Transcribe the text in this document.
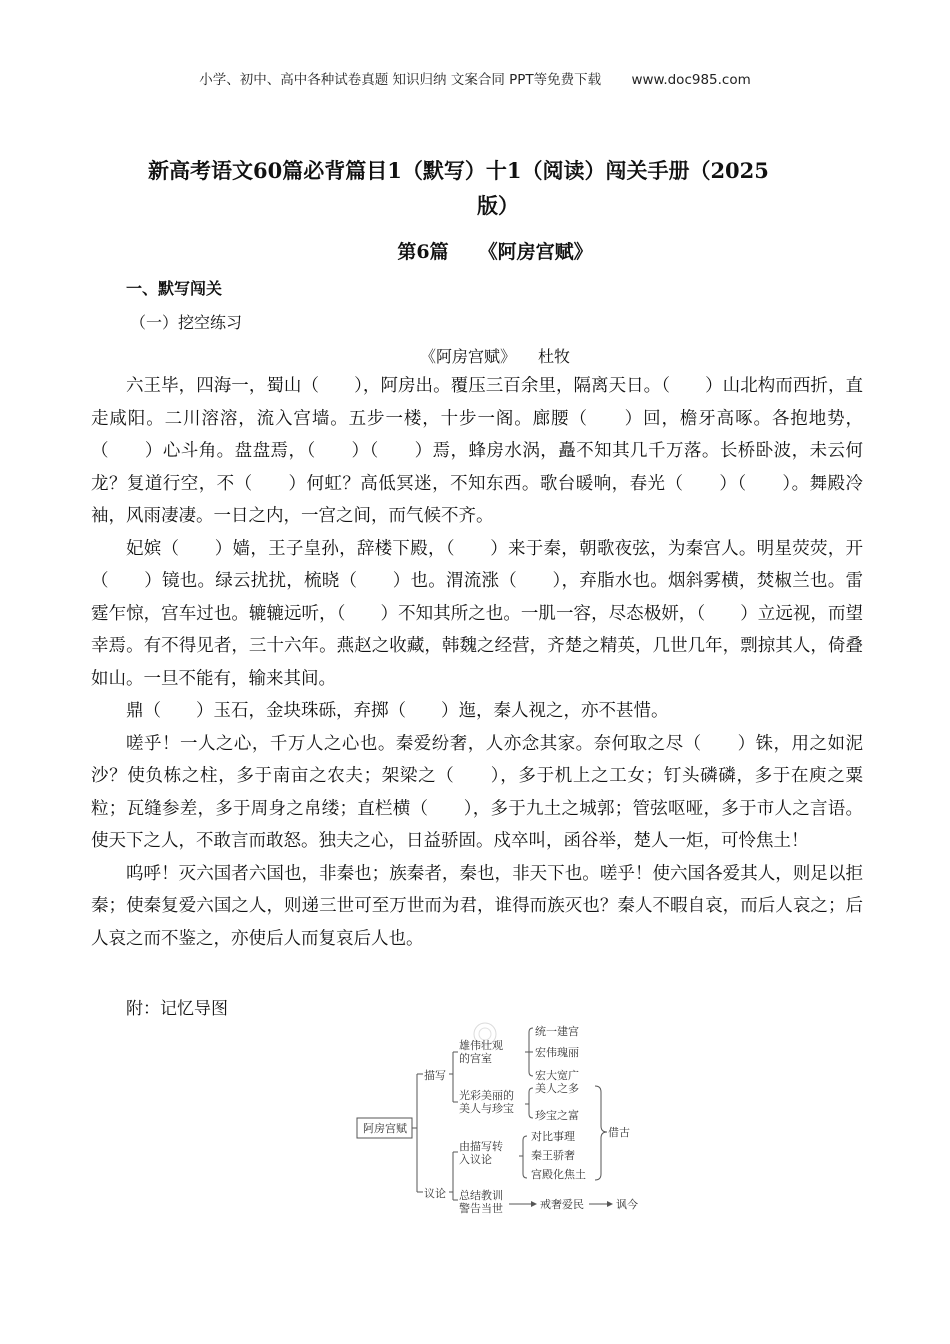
小学、初中、高中各种试卷真题 知识归纳 文案合同 PPT等免费下载 www.doc985.com
新高考语文60篇必背篇目1（默写）十1（阅读）闯关手册（2025
版）
第6篇 《阿房宫赋》
一、默写闯关
（一）挖空练习
《阿房宫赋》 杜牧

六王毕，四海一，蜀山（　　），阿房出。覆压三百余里，隔离天日。（　　）山北构而西折，直走咸阳。二川溶溶，流入宫墙。五步一楼，十步一阁。廊腰（　　）回，檐牙高啄。各抱地势，（　　）心斗角。盘盘焉，（　　）（　　）焉，蜂房水涡，矗不知其几千万落。长桥卧波，未云何龙？复道行空，不（　　）何虹？高低冥迷，不知东西。歌台暖响，春光（　　）（　　）。舞殿冷袖，风雨凄凄。一日之内，一宫之间，而气候不齐。

妃嫔（　　）嫱，王子皇孙，辞楼下殿，（　　）来于秦，朝歌夜弦，为秦宫人。明星荧荧，开（　　）镜也。绿云扰扰，梳晓（　　）也。渭流涨（　　），弃脂水也。烟斜雾横，焚椒兰也。雷霆乍惊，宫车过也。辘辘远听，（　　）不知其所之也。一肌一容，尽态极妍，（　　）立远视，而望幸焉。有不得见者，三十六年。燕赵之收藏，韩魏之经营，齐楚之精英，几世几年，剽掠其人，倚叠如山。一旦不能有，输来其间。

鼎（　　）玉石，金块珠砾，弃掷（　　）迤，秦人视之，亦不甚惜。

嗟乎！一人之心，千万人之心也。秦爱纷奢，人亦念其家。奈何取之尽（　　）铢，用之如泥沙？使负栋之柱，多于南亩之农夫；架梁之（　　），多于机上之工女；钉头磷磷，多于在庾之粟粒；瓦缝参差，多于周身之帛缕；直栏横（　　），多于九土之城郭；管弦呕哑，多于市人之言语。使天下之人，不敢言而敢怒。独夫之心，日益骄固。戍卒叫，函谷举，楚人一炬，可怜焦土！

呜呼！灭六国者六国也，非秦也；族秦者，秦也，非天下也。嗟乎！使六国各爱其人，则足以拒秦；使秦复爱六国之人，则递三世可至万世而为君，谁得而族灭也？秦人不暇自哀，而后人哀之；后人哀之而不鉴之，亦使后人而复哀后人也。

附：记忆导图
阿房宫赋
描写
雄伟壮观
的宫室
光彩美丽的
美人与珍宝
统一建宫
宏伟瑰丽
宏大宽广
美人之多
珍宝之富
议论
由描写转
入议论
总结教训
警告当世
对比事理
秦王骄奢
宫殿化焦土
借古
戒奢爱民	讽今
